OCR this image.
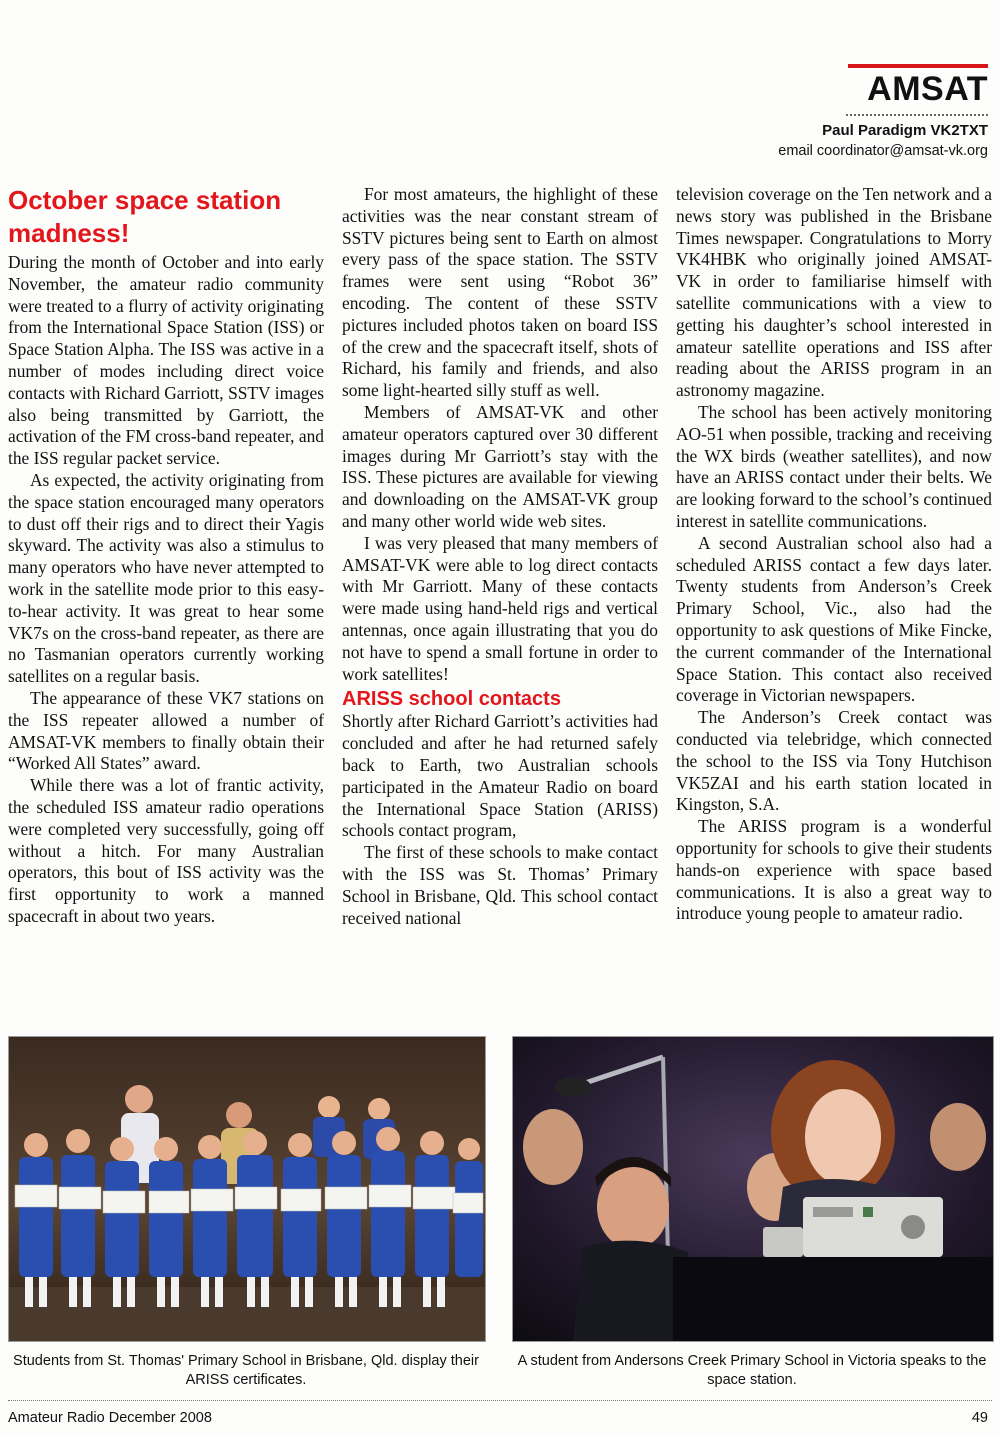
AMSAT
Paul Paradigm VK2TXT
email coordinator@amsat-vk.org
October space station madness!

During the month of October and into early November, the amateur radio community were treated to a flurry of activity originating from the International Space Station (ISS) or Space Station Alpha. The ISS was active in a number of modes including direct voice contacts with Richard Garriott, SSTV images also being transmitted by Garriott, the activation of the FM cross-band repeater, and the ISS regular packet service.

As expected, the activity originating from the space station encouraged many operators to dust off their rigs and to direct their Yagis skyward. The activity was also a stimulus to many operators who have never attempted to work in the satellite mode prior to this easy-to-hear activity. It was great to hear some VK7s on the cross-band repeater, as there are no Tasmanian operators currently working satellites on a regular basis.

The appearance of these VK7 stations on the ISS repeater allowed a number of AMSAT-VK members to finally obtain their “Worked All States” award.

While there was a lot of frantic activity, the scheduled ISS amateur radio operations were completed very successfully, going off without a hitch. For many Australian operators, this bout of ISS activity was the first opportunity to work a manned spacecraft in about two years.

For most amateurs, the highlight of these activities was the near constant stream of SSTV pictures being sent to Earth on almost every pass of the space station. The SSTV frames were sent using “Robot 36” encoding. The content of these SSTV pictures included photos taken on board ISS of the crew and the spacecraft itself, shots of Richard, his family and friends, and also some light-hearted silly stuff as well.

Members of AMSAT-VK and other amateur operators captured over 30 different images during Mr Garriott’s stay with the ISS. These pictures are available for viewing and downloading on the AMSAT-VK group and many other world wide web sites.

I was very pleased that many members of AMSAT-VK were able to log direct contacts with Mr Garriott. Many of these contacts were made using hand-held rigs and vertical antennas, once again illustrating that you do not have to spend a small fortune in order to work satellites!

ARISS school contacts

Shortly after Richard Garriott’s activities had concluded and after he had returned safely back to Earth, two Australian schools participated in the Amateur Radio on board the International Space Station (ARISS) schools contact program,

The first of these schools to make contact with the ISS was St. Thomas’ Primary School in Brisbane, Qld. This school contact received national

television coverage on the Ten network and a news story was published in the Brisbane Times newspaper. Congratulations to Morry VK4HBK who originally joined AMSAT-VK in order to familiarise himself with satellite communications with a view to getting his daughter’s school interested in amateur satellite operations and ISS after reading about the ARISS program in an astronomy magazine.

The school has been actively monitoring AO-51 when possible, tracking and receiving the WX birds (weather satellites), and now have an ARISS contact under their belts. We are looking forward to the school’s continued interest in satellite communications.

A second Australian school also had a scheduled ARISS contact a few days later. Twenty students from Anderson’s Creek Primary School, Vic., also had the opportunity to ask questions of Mike Fincke, the current commander of the International Space Station. This contact also received coverage in Victorian newspapers.

The Anderson’s Creek contact was conducted via telebridge, which connected the school to the ISS via Tony Hutchison VK5ZAI and his earth station located in Kingston, S.A.

The ARISS program is a wonderful opportunity for schools to give their students hands-on experience with space based communications. It is also a great way to introduce young people to amateur radio.

Students from St. Thomas' Primary School in Brisbane, Qld. display their ARISS certificates.
A student from Andersons Creek Primary School in Victoria speaks to the space station.
Amateur Radio December 2008	49
